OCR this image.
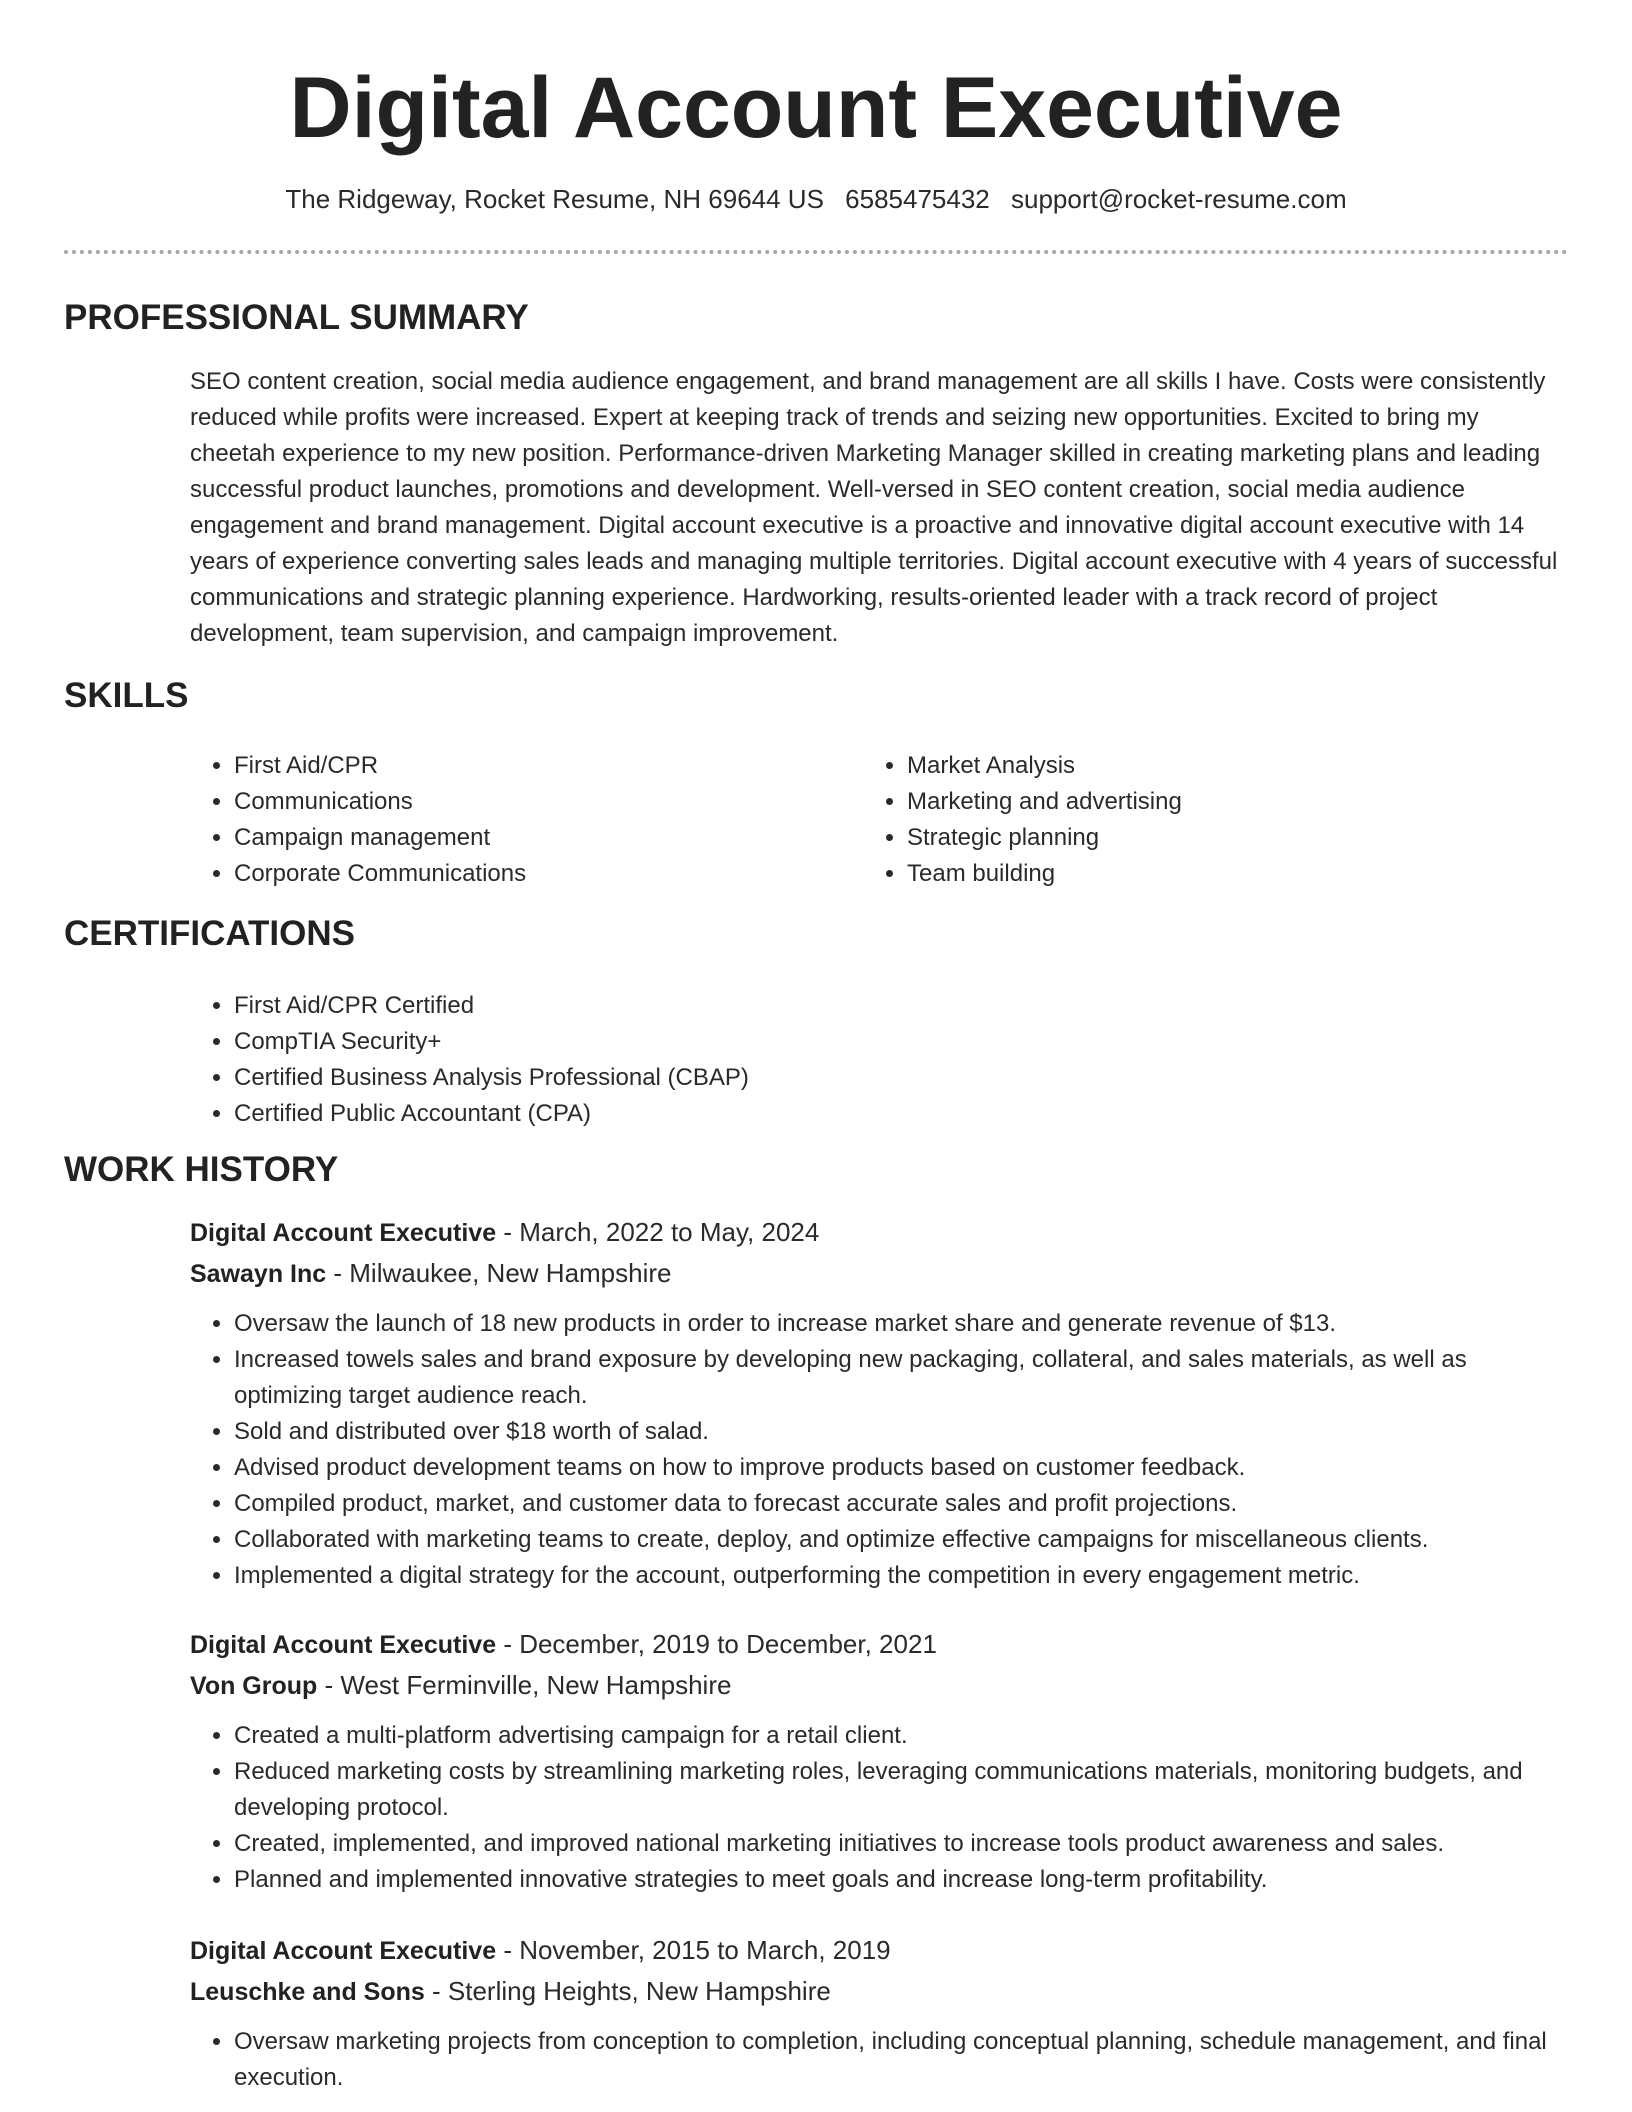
Digital Account Executive
The Ridgeway, Rocket Resume, NH 69644 US 6585475432 support@rocket-resume.com
PROFESSIONAL SUMMARY

SEO content creation, social media audience engagement, and brand management are all skills I have. Costs were consistently reduced while profits were increased. Expert at keeping track of trends and seizing new opportunities. Excited to bring my cheetah experience to my new position. Performance-driven Marketing Manager skilled in creating marketing plans and leading successful product launches, promotions and development. Well-versed in SEO content creation, social media audience engagement and brand management. Digital account executive is a proactive and innovative digital account executive with 14 years of experience converting sales leads and managing multiple territories. Digital account executive with 4 years of successful communications and strategic planning experience. Hardworking, results-oriented leader with a track record of project development, team supervision, and campaign improvement.

SKILLS
• First Aid/CPR
• Communications
• Campaign management
• Corporate Communications
• Market Analysis
• Marketing and advertising
• Strategic planning
• Team building
CERTIFICATIONS
• First Aid/CPR Certified
• CompTIA Security+
• Certified Business Analysis Professional (CBAP)
• Certified Public Accountant (CPA)
WORK HISTORY

Digital Account Executive - March, 2022 to May, 2024

Sawayn Inc - Milwaukee, New Hampshire

• Oversaw the launch of 18 new products in order to increase market share and generate revenue of $13.
• Increased towels sales and brand exposure by developing new packaging, collateral, and sales materials, as well as optimizing target audience reach.
• Sold and distributed over $18 worth of salad.
• Advised product development teams on how to improve products based on customer feedback.
• Compiled product, market, and customer data to forecast accurate sales and profit projections.
• Collaborated with marketing teams to create, deploy, and optimize effective campaigns for miscellaneous clients.
• Implemented a digital strategy for the account, outperforming the competition in every engagement metric.

Digital Account Executive - December, 2019 to December, 2021

Von Group - West Ferminville, New Hampshire

• Created a multi-platform advertising campaign for a retail client.
• Reduced marketing costs by streamlining marketing roles, leveraging communications materials, monitoring budgets, and developing protocol.
• Created, implemented, and improved national marketing initiatives to increase tools product awareness and sales.
• Planned and implemented innovative strategies to meet goals and increase long-term profitability.

Digital Account Executive - November, 2015 to March, 2019

Leuschke and Sons - Sterling Heights, New Hampshire

• Oversaw marketing projects from conception to completion, including conceptual planning, schedule management, and final execution.
